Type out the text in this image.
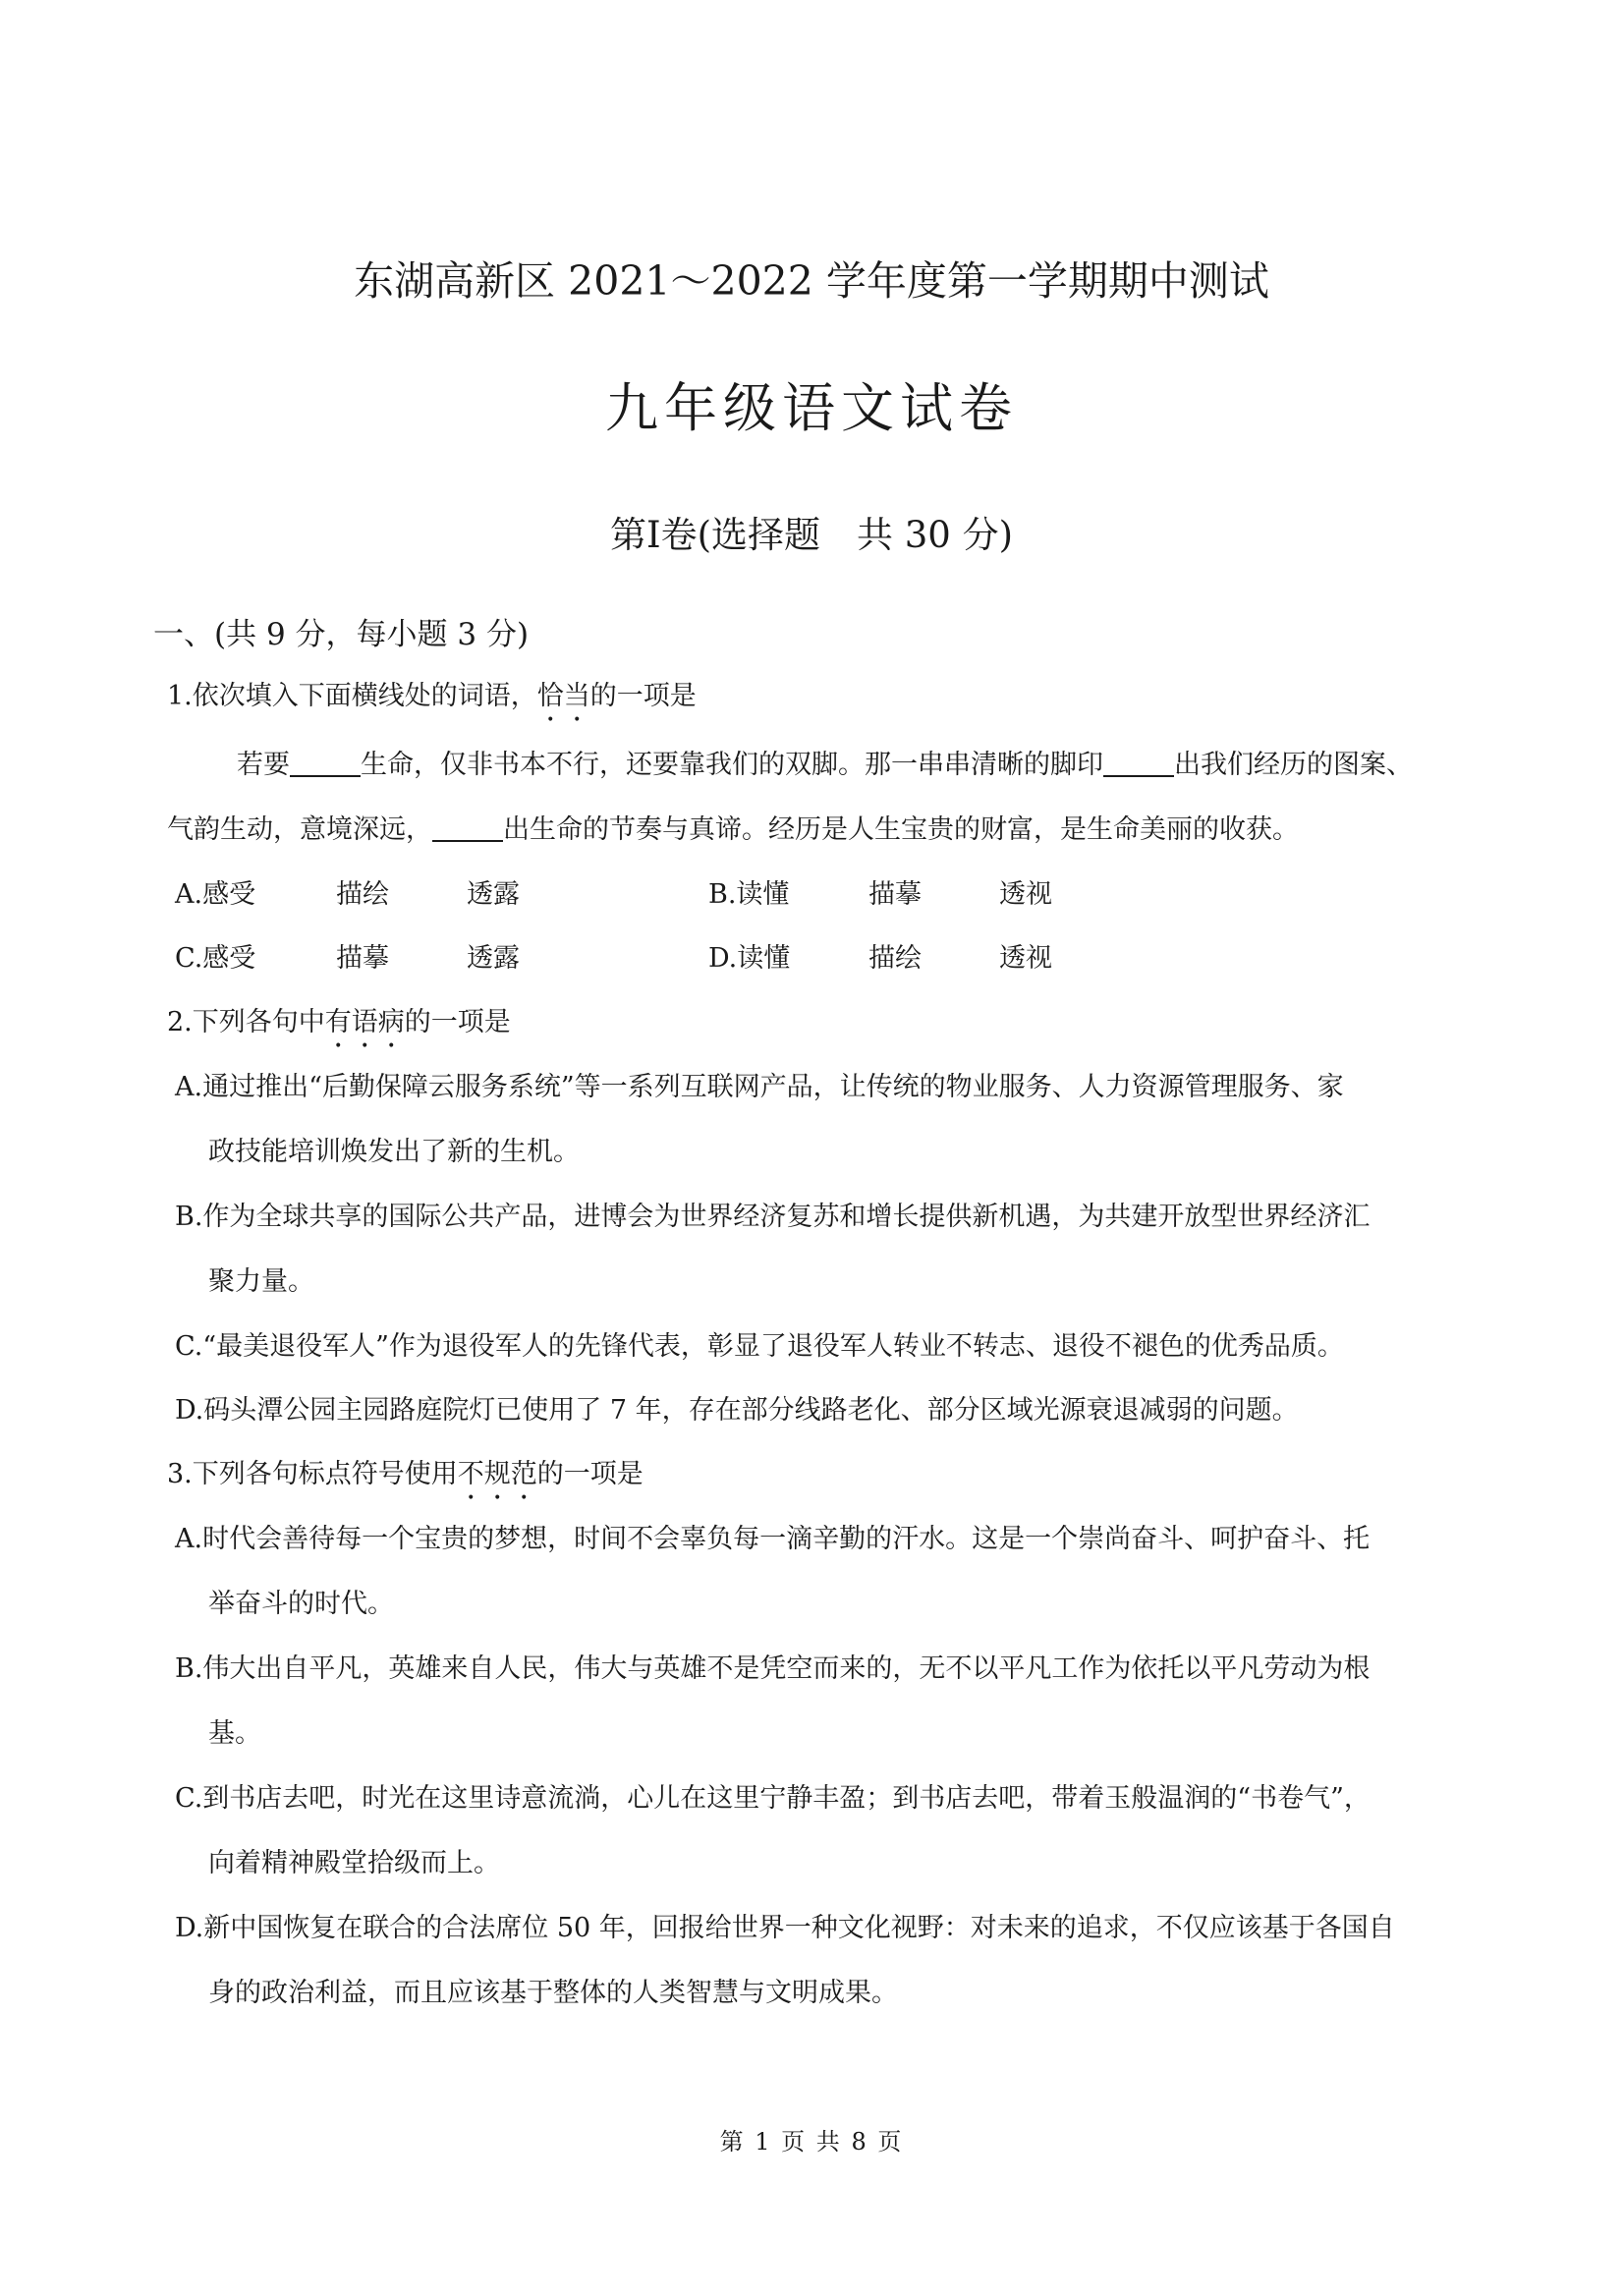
东湖高新区 2021～2022 学年度第一学期期中测试
九年级语文试卷
第Ⅰ卷(选择题　共 30 分)
一、(共 9 分，每小题 3 分)
1.依次填入下面横线处的词语，恰当的一项是
若要	生命，仅非书本不行，还要靠我们的双脚。那一串串清晰的脚印	出我们经历的图案、
气韵生动，意境深远，	出生命的节奏与真谛。经历是人生宝贵的财富，是生命美丽的收获。
A.感受	描绘	透露	B.读懂	描摹	透视
C.感受	描摹	透露	D.读懂	描绘	透视
2.下列各句中有语病的一项是
A.通过推出“后勤保障云服务系统”等一系列互联网产品，让传统的物业服务、人力资源管理服务、家
政技能培训焕发出了新的生机。
B.作为全球共享的国际公共产品，进博会为世界经济复苏和增长提供新机遇，为共建开放型世界经济汇
聚力量。
C.“最美退役军人”作为退役军人的先锋代表，彰显了退役军人转业不转志、退役不褪色的优秀品质。
D.码头潭公园主园路庭院灯已使用了 7 年，存在部分线路老化、部分区域光源衰退减弱的问题。
3.下列各句标点符号使用不规范的一项是
A.时代会善待每一个宝贵的梦想，时间不会辜负每一滴辛勤的汗水。这是一个崇尚奋斗、呵护奋斗、托
举奋斗的时代。
B.伟大出自平凡，英雄来自人民，伟大与英雄不是凭空而来的，无不以平凡工作为依托以平凡劳动为根
基。
C.到书店去吧，时光在这里诗意流淌，心儿在这里宁静丰盈；到书店去吧，带着玉般温润的“书卷气”，
向着精神殿堂拾级而上。
D.新中国恢复在联合的合法席位 50 年，回报给世界一种文化视野：对未来的追求，不仅应该基于各国自
身的政治利益，而且应该基于整体的人类智慧与文明成果。
第 1 页 共 8 页
